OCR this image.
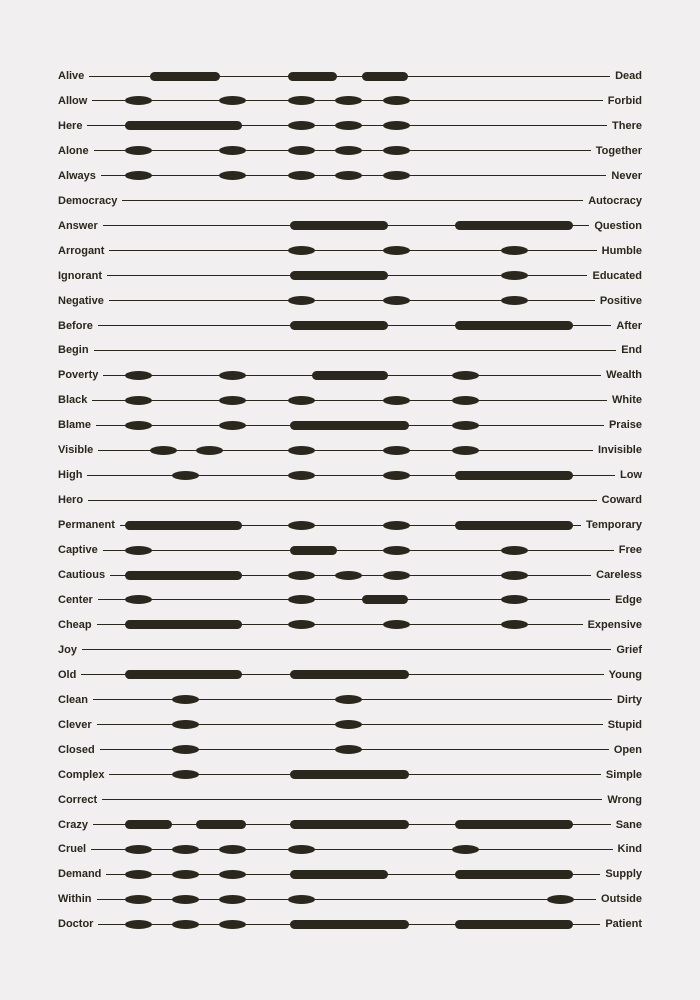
Alive	Dead
Allow	Forbid
Here	There
Alone	Together
Always	Never
Democracy	Autocracy
Answer	Question
Arrogant	Humble
Ignorant	Educated
Negative	Positive
Before	After
Begin	End
Poverty	Wealth
Black	White
Blame	Praise
Visible	Invisible
High	Low
Hero	Coward
Permanent	Temporary
Captive	Free
Cautious	Careless
Center	Edge
Cheap	Expensive
Joy	Grief
Old	Young
Clean	Dirty
Clever	Stupid
Closed	Open
Complex	Simple
Correct	Wrong
Crazy	Sane
Cruel	Kind
Demand	Supply
Within	Outside
Doctor	Patient
